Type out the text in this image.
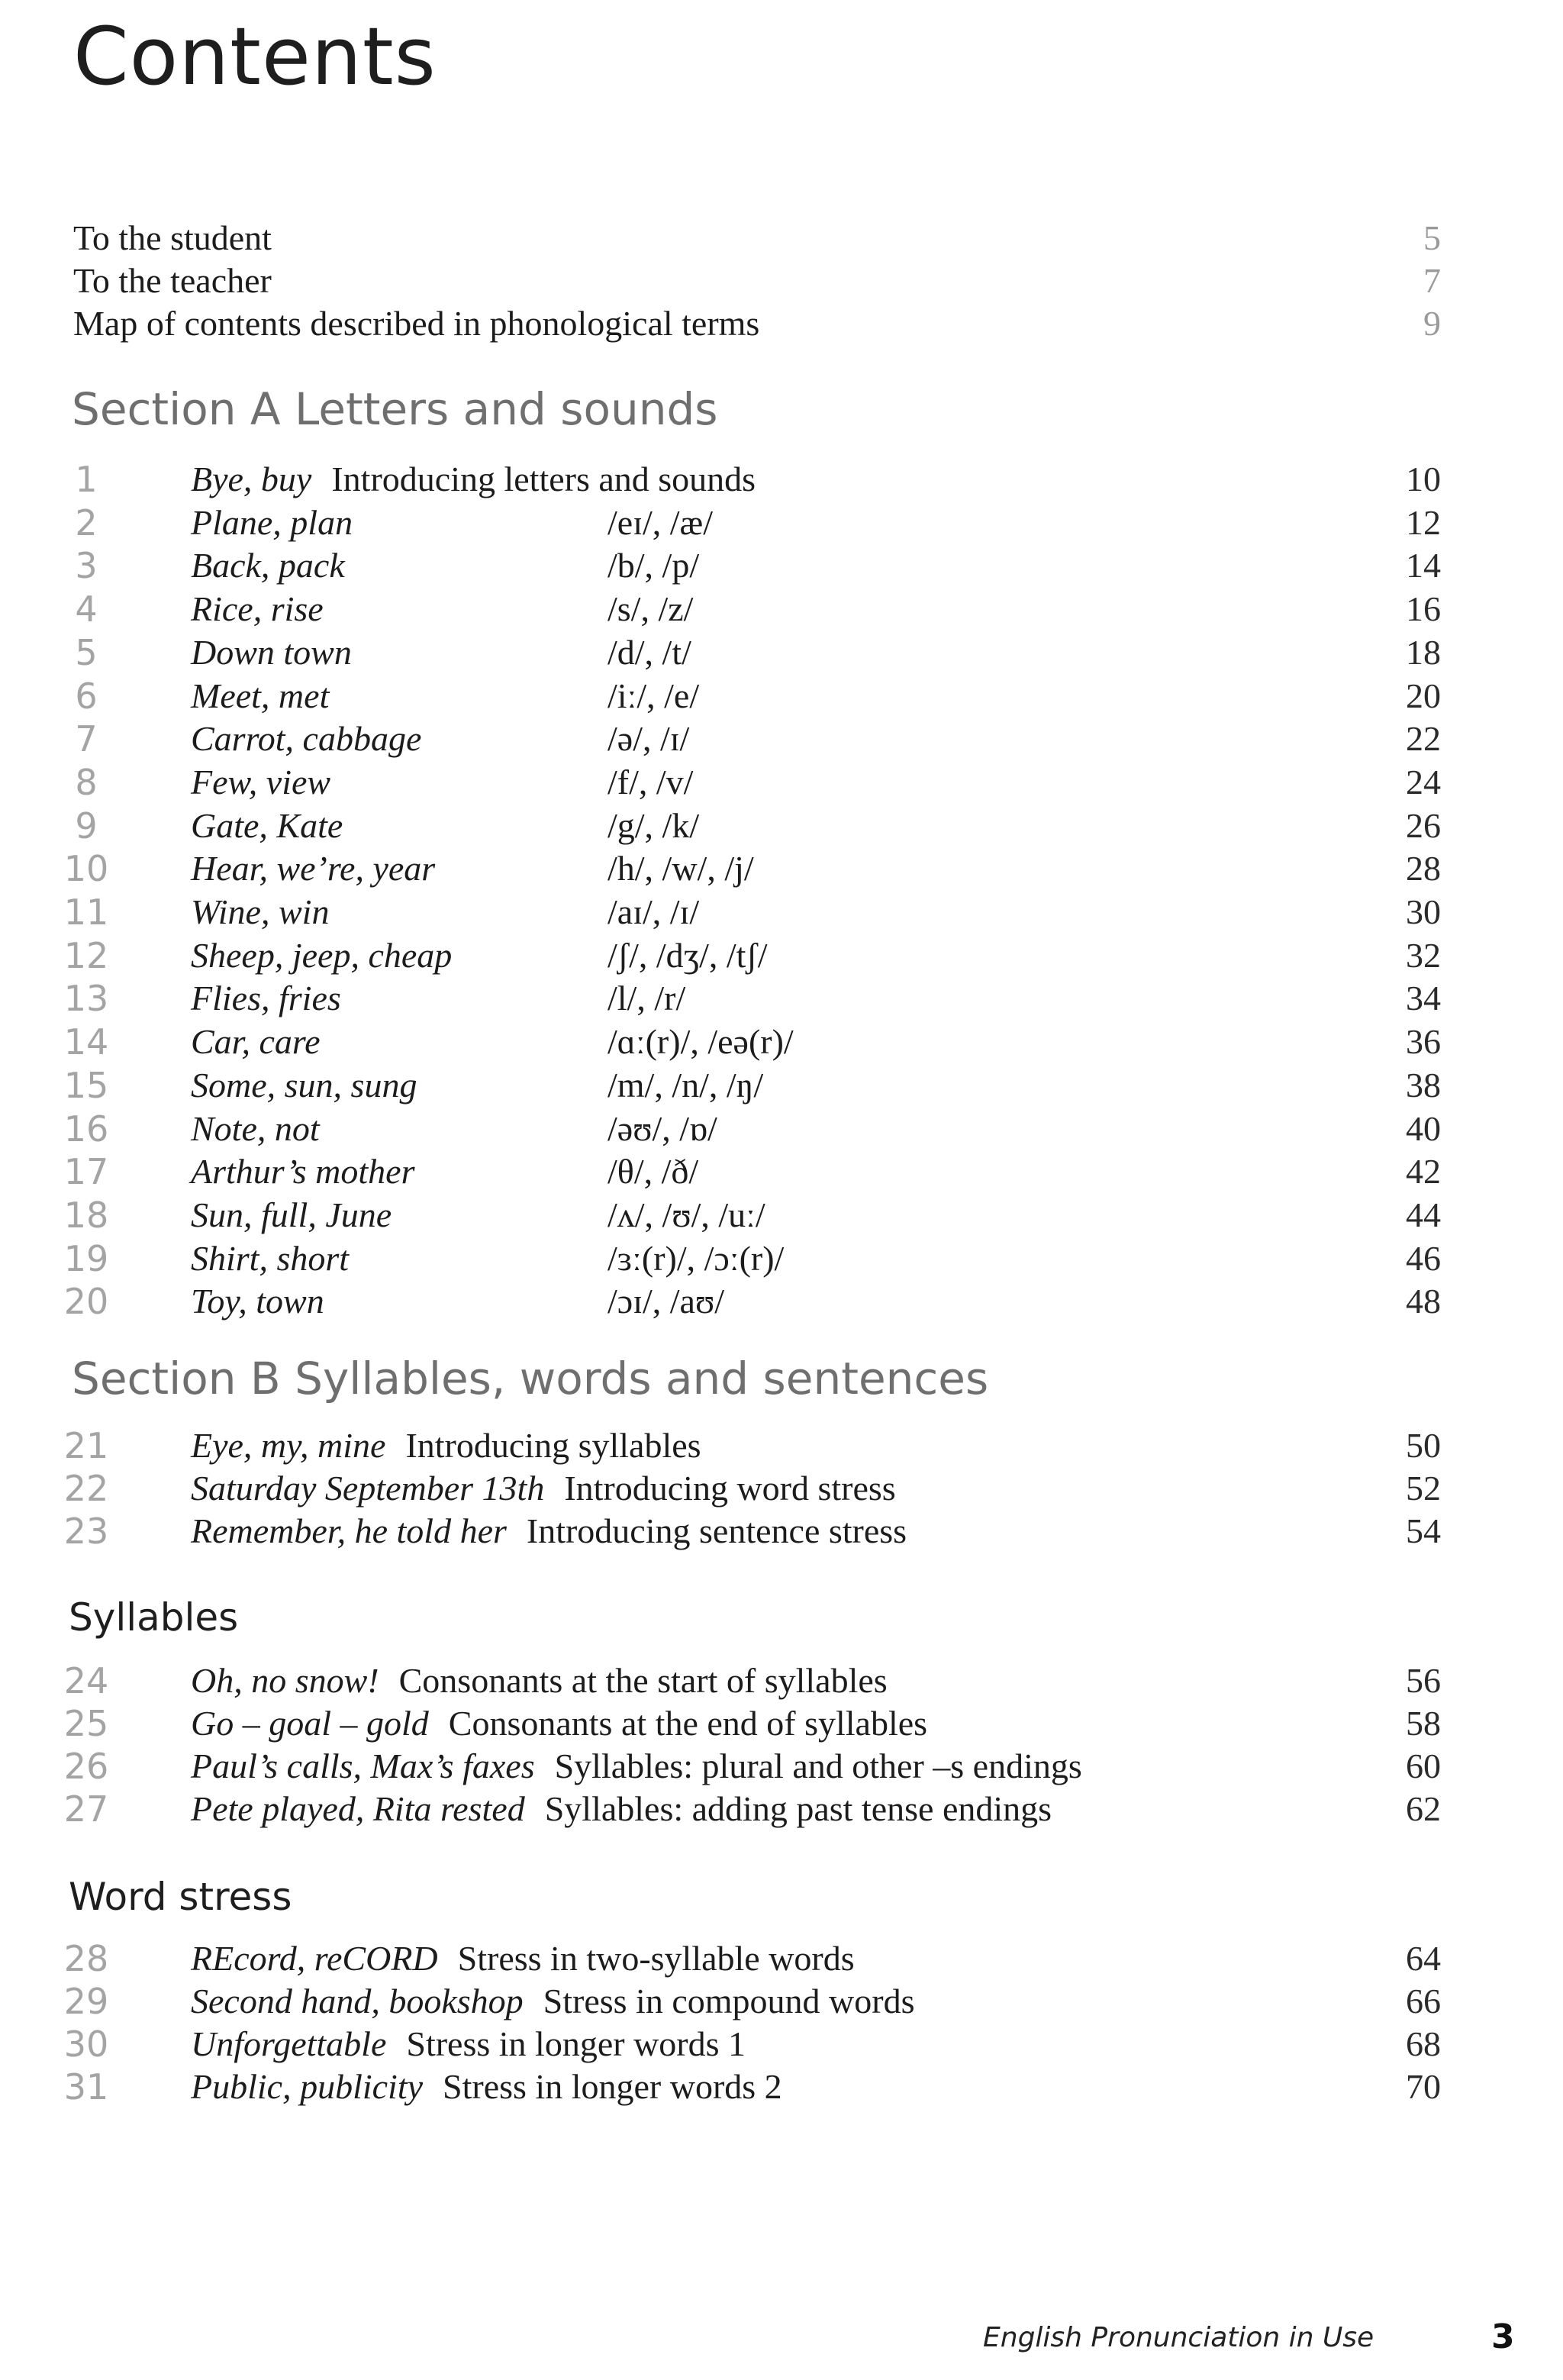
Contents
To the student	5
To the teacher	7
Map of contents described in phonological terms	9
Section A Letters and sounds
1	Bye, buy Introducing letters and sounds	10
2	Plane, plan	/eɪ/, /æ/	12
3	Back, pack	/b/, /p/	14
4	Rice, rise	/s/, /z/	16
5	Down town	/d/, /t/	18
6	Meet, met	/iː/, /e/	20
7	Carrot, cabbage	/ə/, /ɪ/	22
8	Few, view	/f/, /v/	24
9	Gate, Kate	/g/, /k/	26
10	Hear, we’re, year	/h/, /w/, /j/	28
11	Wine, win	/aɪ/, /ɪ/	30
12	Sheep, jeep, cheap	/ʃ/, /dʒ/, /tʃ/	32
13	Flies, fries	/l/, /r/	34
14	Car, care	/ɑː(r)/, /eə(r)/	36
15	Some, sun, sung	/m/, /n/, /ŋ/	38
16	Note, not	/əʊ/, /ɒ/	40
17	Arthur’s mother	/θ/, /ð/	42
18	Sun, full, June	/ʌ/, /ʊ/, /uː/	44
19	Shirt, short	/ɜː(r)/, /ɔː(r)/	46
20	Toy, town	/ɔɪ/, /aʊ/	48
Section B Syllables, words and sentences
21	Eye, my, mine Introducing syllables	50
22	Saturday September 13th Introducing word stress	52
23	Remember, he told her Introducing sentence stress	54
Syllables
24	Oh, no snow! Consonants at the start of syllables	56
25	Go – goal – gold Consonants at the end of syllables	58
26	Paul’s calls, Max’s faxes Syllables: plural and other –s endings	60
27	Pete played, Rita rested Syllables: adding past tense endings	62
Word stress
28	REcord, reCORD Stress in two-syllable words	64
29	Second hand, bookshop Stress in compound words	66
30	Unforgettable Stress in longer words 1	68
31	Public, publicity Stress in longer words 2	70
English Pronunciation in Use	3
